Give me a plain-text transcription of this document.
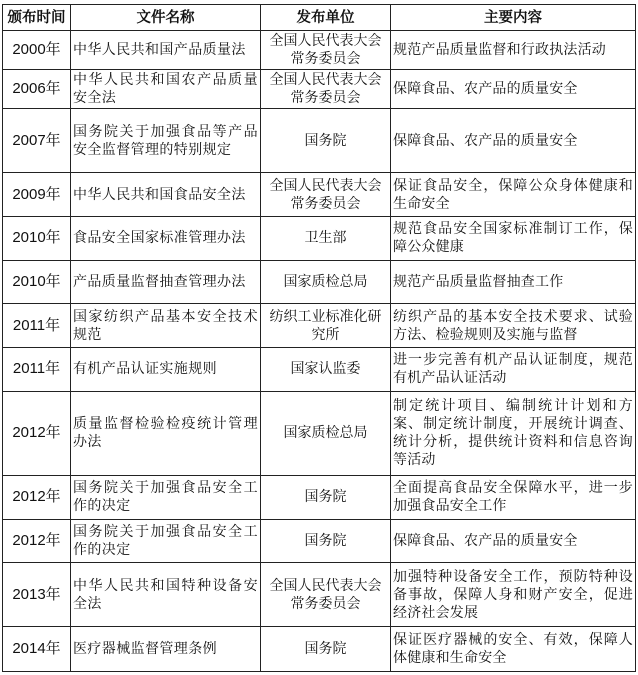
颁布时间	文件名称	发布单位	主要内容
2000年	中华人民共和国产品质量法	全国人民代表大会常务委员会	规范产品质量监督和行政执法活动
2006年	中华人民共和国农产品质量安全法	全国人民代表大会常务委员会	保障食品、农产品的质量安全
2007年	国务院关于加强食品等产品安全监督管理的特别规定	国务院	保障食品、农产品的质量安全
2009年	中华人民共和国食品安全法	全国人民代表大会常务委员会	保证食品安全，保障公众身体健康和生命安全
2010年	食品安全国家标准管理办法	卫生部	规范食品安全国家标准制订工作，保障公众健康
2010年	产品质量监督抽查管理办法	国家质检总局	规范产品质量监督抽查工作
2011年	国家纺织产品基本安全技术规范	纺织工业标准化研究所	纺织产品的基本安全技术要求、试验方法、检验规则及实施与监督
2011年	有机产品认证实施规则	国家认监委	进一步完善有机产品认证制度，规范有机产品认证活动
2012年	质量监督检验检疫统计管理办法	国家质检总局	制定统计项目、编制统计计划和方案、制定统计制度，开展统计调查、统计分析，提供统计资料和信息咨询等活动
2012年	国务院关于加强食品安全工作的决定	国务院	全面提高食品安全保障水平，进一步加强食品安全工作
2012年	国务院关于加强食品安全工作的决定	国务院	保障食品、农产品的质量安全
2013年	中华人民共和国特种设备安全法	全国人民代表大会常务委员会	加强特种设备安全工作，预防特种设备事故，保障人身和财产安全，促进经济社会发展
2014年	医疗器械监督管理条例	国务院	保证医疗器械的安全、有效，保障人体健康和生命安全
